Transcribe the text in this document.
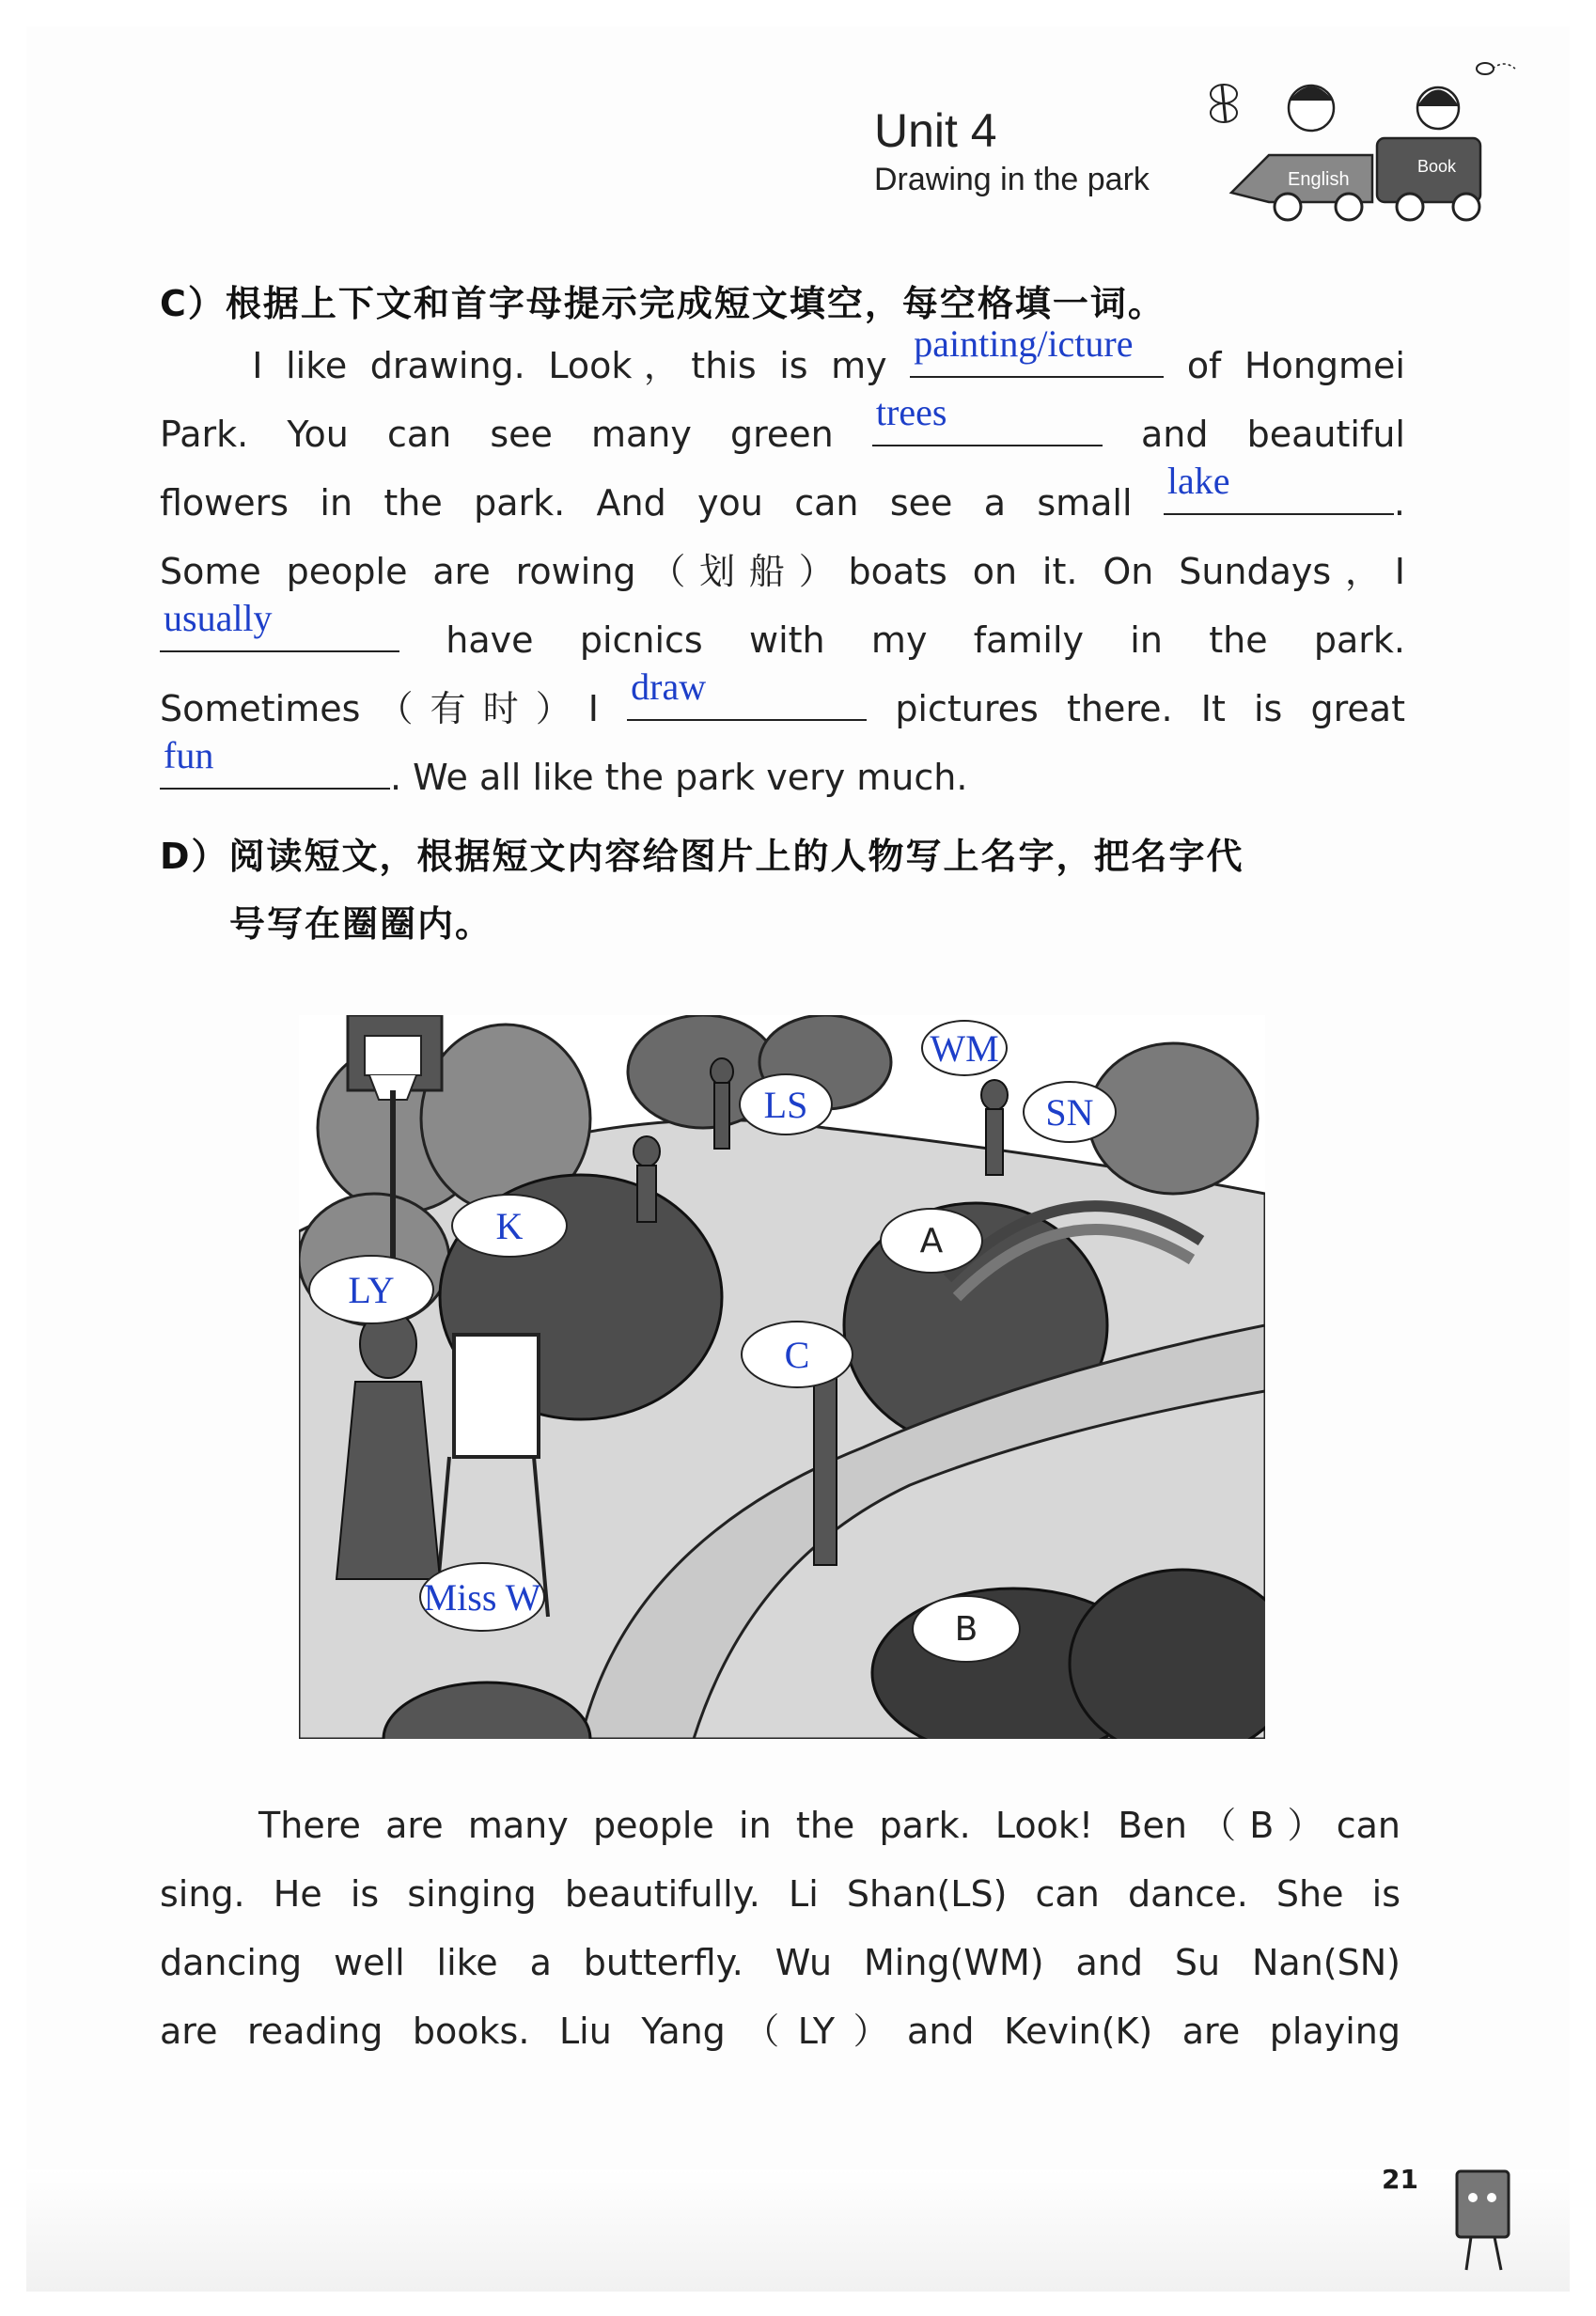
Unit 4
Drawing in the park	English
Book
C）根据上下文和首字母提示完成短文填空，每空格填一词。
I like drawing. Look，this is my
painting/icture
of Hongmei
Park. You can see many green
trees
and beautiful
flowers in the park. And you can see a small
lake
.
Some people are rowing（划船）boats on it. On Sundays，I
usually
have picnics with my family in the park.
Sometimes（有时）I
draw
pictures there. It is great
fun
. We all like the park very much.
D）阅读短文，根据短文内容给图片上的人物写上名字，把名字代
号写在圈圈内。
WM
LS	SN
K	A
LY
C
Miss W
B
There are many people in the park. Look! Ben（B）can
sing. He is singing beautifully. Li Shan(LS) can dance. She is
dancing well like a butterfly. Wu Ming(WM) and Su Nan(SN)
are reading books. Liu Yang（LY）and Kevin(K) are playing
21
